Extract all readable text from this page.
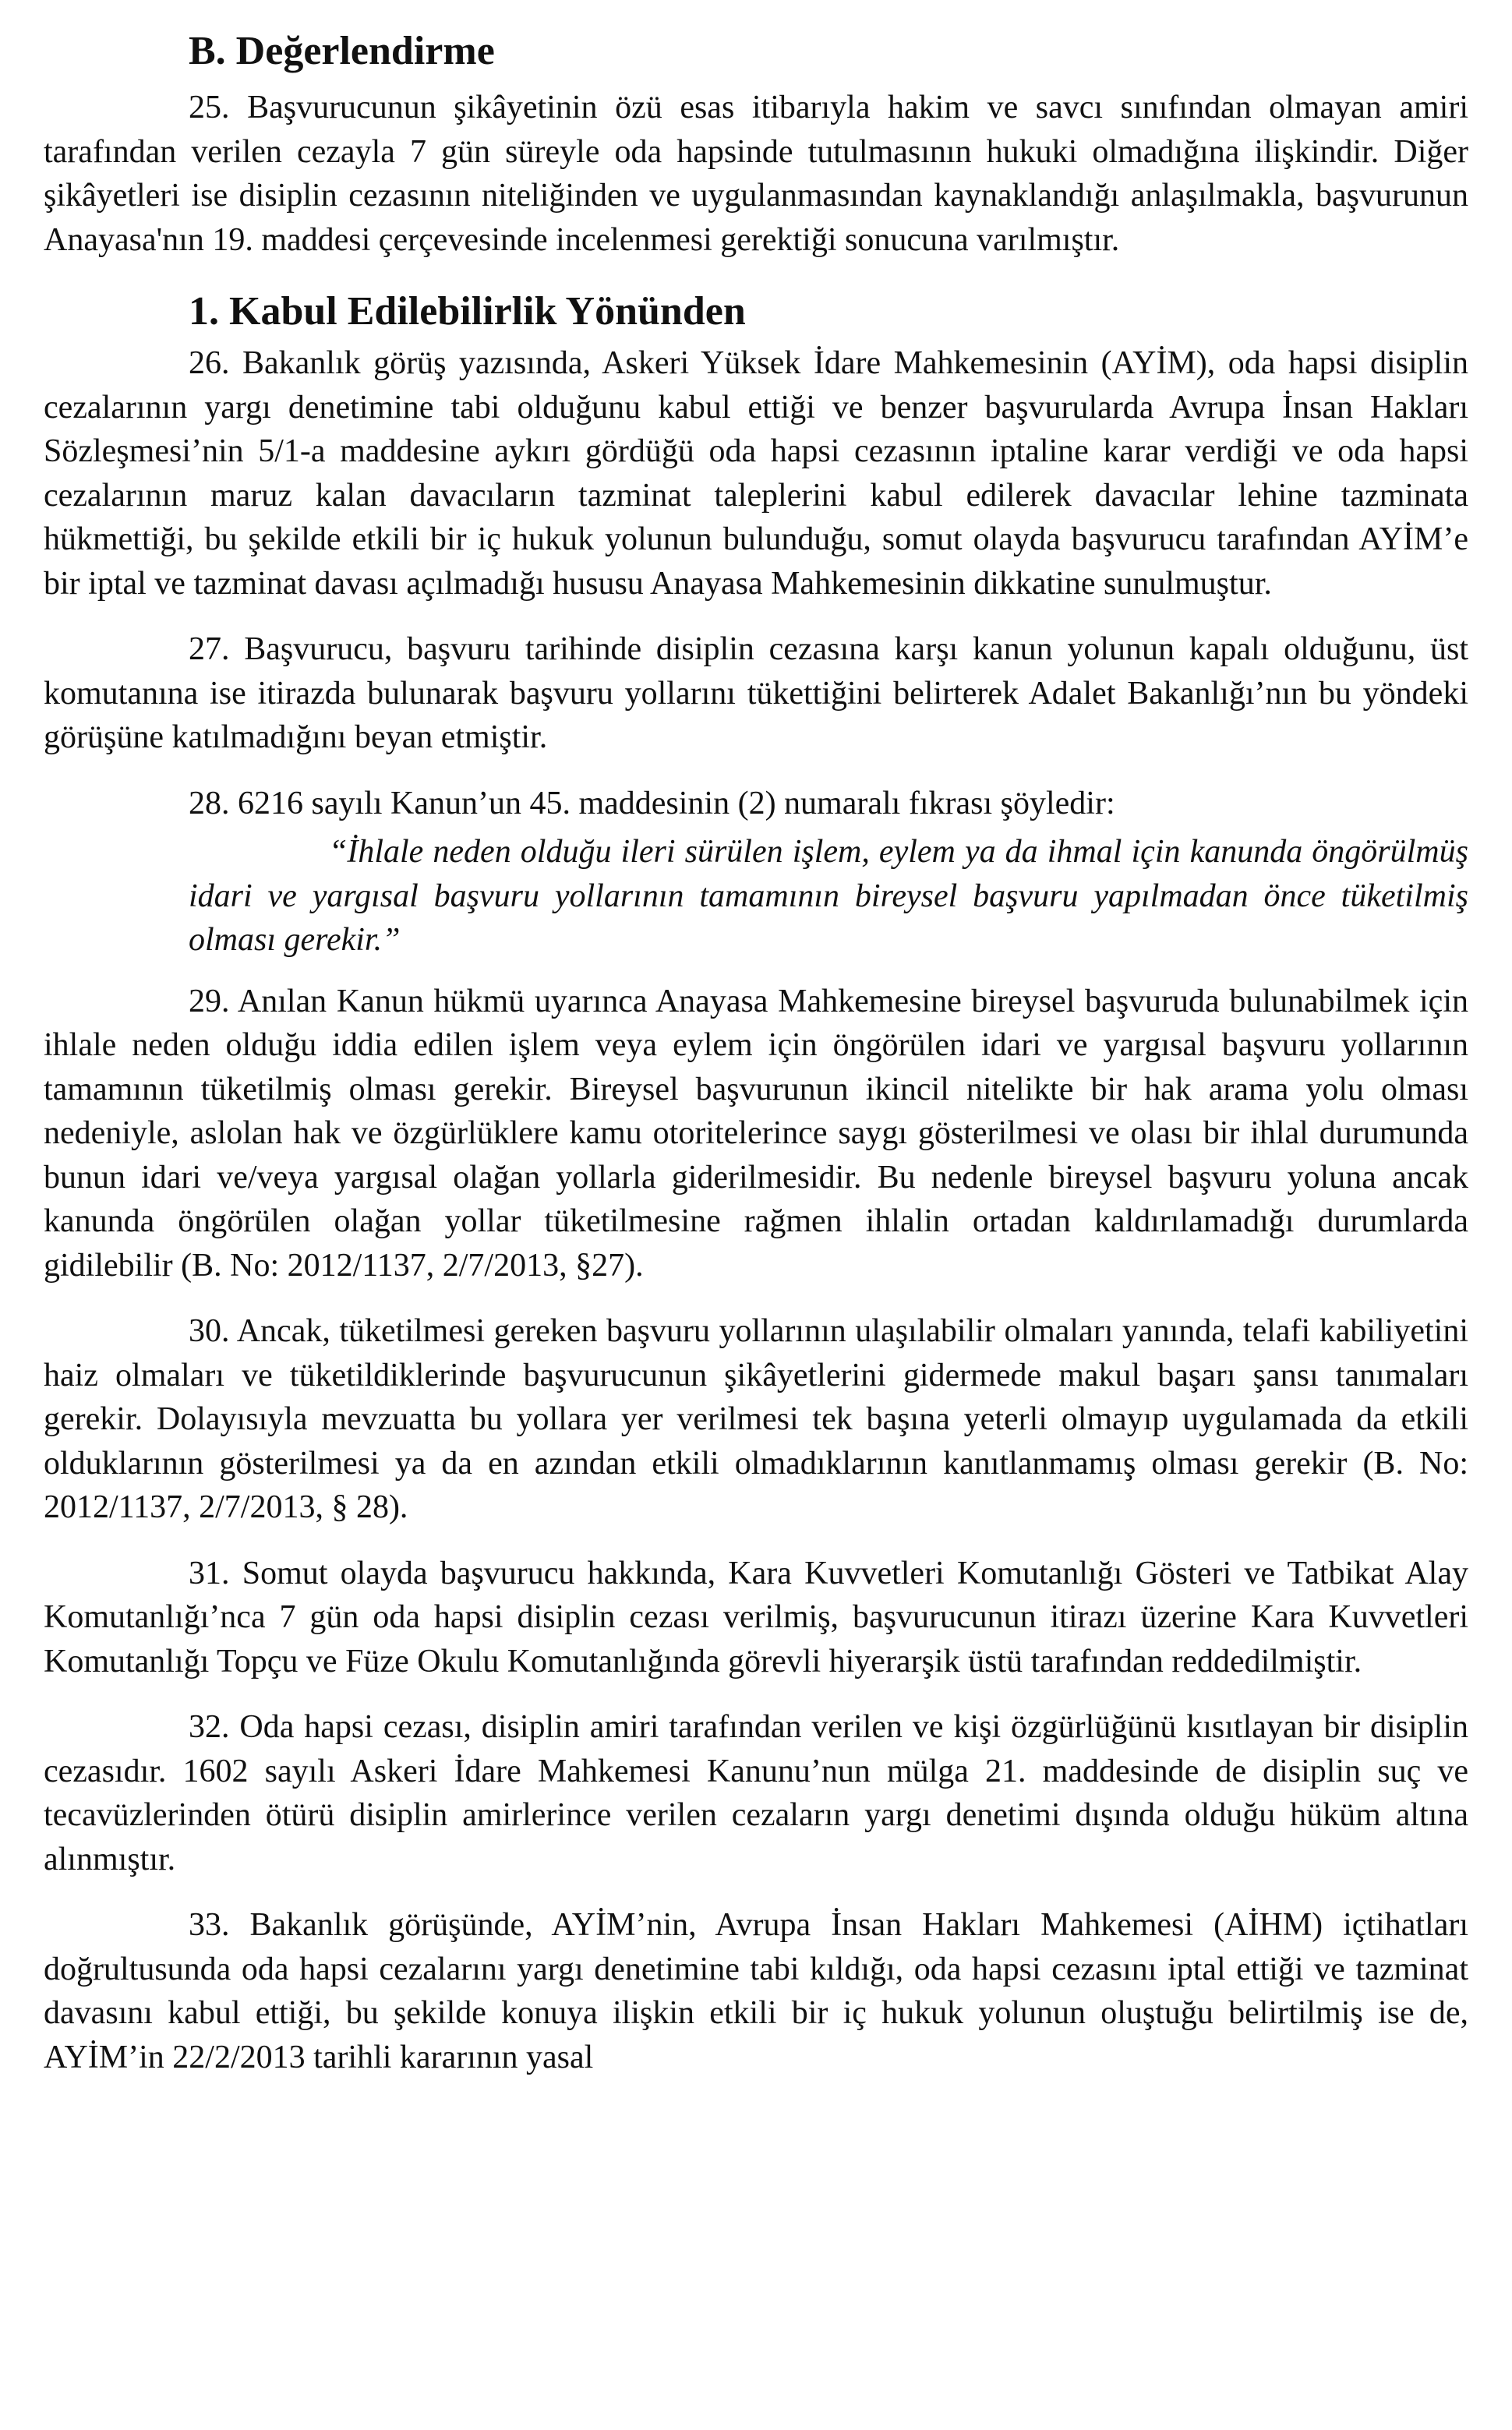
B. Değerlendirme

25. Başvurucunun şikâyetinin özü esas itibarıyla hakim ve savcı sınıfından olmayan amiri tarafından verilen cezayla 7 gün süreyle oda hapsinde tutulmasının hukuki olmadığına ilişkindir. Diğer şikâyetleri ise disiplin cezasının niteliğinden ve uygulanmasından kaynaklandığı anlaşılmakla, başvurunun Anayasa'nın 19. maddesi çerçevesinde incelenmesi gerektiği sonucuna varılmıştır.

1. Kabul Edilebilirlik Yönünden

26. Bakanlık görüş yazısında, Askeri Yüksek İdare Mahkemesinin (AYİM), oda hapsi disiplin cezalarının yargı denetimine tabi olduğunu kabul ettiği ve benzer başvurularda Avrupa İnsan Hakları Sözleşmesi’nin 5/1-a maddesine aykırı gördüğü oda hapsi cezasının iptaline karar verdiği ve oda hapsi cezalarının maruz kalan davacıların tazminat taleplerini kabul edilerek davacılar lehine tazminata hükmettiği, bu şekilde etkili bir iç hukuk yolunun bulunduğu, somut olayda başvurucu tarafından AYİM’e bir iptal ve tazminat davası açılmadığı hususu Anayasa Mahkemesinin dikkatine sunulmuştur.

27. Başvurucu, başvuru tarihinde disiplin cezasına karşı kanun yolunun kapalı olduğunu, üst komutanına ise itirazda bulunarak başvuru yollarını tükettiğini belirterek Adalet Bakanlığı’nın bu yöndeki görüşüne katılmadığını beyan etmiştir.

28. 6216 sayılı Kanun’un 45. maddesinin (2) numaralı fıkrası şöyledir:

“İhlale neden olduğu ileri sürülen işlem, eylem ya da ihmal için kanunda öngörülmüş idari ve yargısal başvuru yollarının tamamının bireysel başvuru yapılmadan önce tüketilmiş olması gerekir.”

29. Anılan Kanun hükmü uyarınca Anayasa Mahkemesine bireysel başvuruda bulunabilmek için ihlale neden olduğu iddia edilen işlem veya eylem için öngörülen idari ve yargısal başvuru yollarının tamamının tüketilmiş olması gerekir. Bireysel başvurunun ikincil nitelikte bir hak arama yolu olması nedeniyle, aslolan hak ve özgürlüklere kamu otoritelerince saygı gösterilmesi ve olası bir ihlal durumunda bunun idari ve/veya yargısal olağan yollarla giderilmesidir. Bu nedenle bireysel başvuru yoluna ancak kanunda öngörülen olağan yollar tüketilmesine rağmen ihlalin ortadan kaldırılamadığı durumlarda gidilebilir (B. No: 2012/1137, 2/7/2013, §27).

30. Ancak, tüketilmesi gereken başvuru yollarının ulaşılabilir olmaları yanında, telafi kabiliyetini haiz olmaları ve tüketildiklerinde başvurucunun şikâyetlerini gidermede makul başarı şansı tanımaları gerekir. Dolayısıyla mevzuatta bu yollara yer verilmesi tek başına yeterli olmayıp uygulamada da etkili olduklarının gösterilmesi ya da en azından etkili olmadıklarının kanıtlanmamış olması gerekir (B. No: 2012/1137, 2/7/2013, § 28).

31. Somut olayda başvurucu hakkında, Kara Kuvvetleri Komutanlığı Gösteri ve Tatbikat Alay Komutanlığı’nca 7 gün oda hapsi disiplin cezası verilmiş, başvurucunun itirazı üzerine Kara Kuvvetleri Komutanlığı Topçu ve Füze Okulu Komutanlığında görevli hiyerarşik üstü tarafından reddedilmiştir.

32. Oda hapsi cezası, disiplin amiri tarafından verilen ve kişi özgürlüğünü kısıtlayan bir disiplin cezasıdır. 1602 sayılı Askeri İdare Mahkemesi Kanunu’nun mülga 21. maddesinde de disiplin suç ve tecavüzlerinden ötürü disiplin amirlerince verilen cezaların yargı denetimi dışında olduğu hüküm altına alınmıştır.

33. Bakanlık görüşünde, AYİM’nin, Avrupa İnsan Hakları Mahkemesi (AİHM) içtihatları doğrultusunda oda hapsi cezalarını yargı denetimine tabi kıldığı, oda hapsi cezasını iptal ettiği ve tazminat davasını kabul ettiği, bu şekilde konuya ilişkin etkili bir iç hukuk yolunun oluştuğu belirtilmiş ise de, AYİM’in 22/2/2013 tarihli kararının yasal
